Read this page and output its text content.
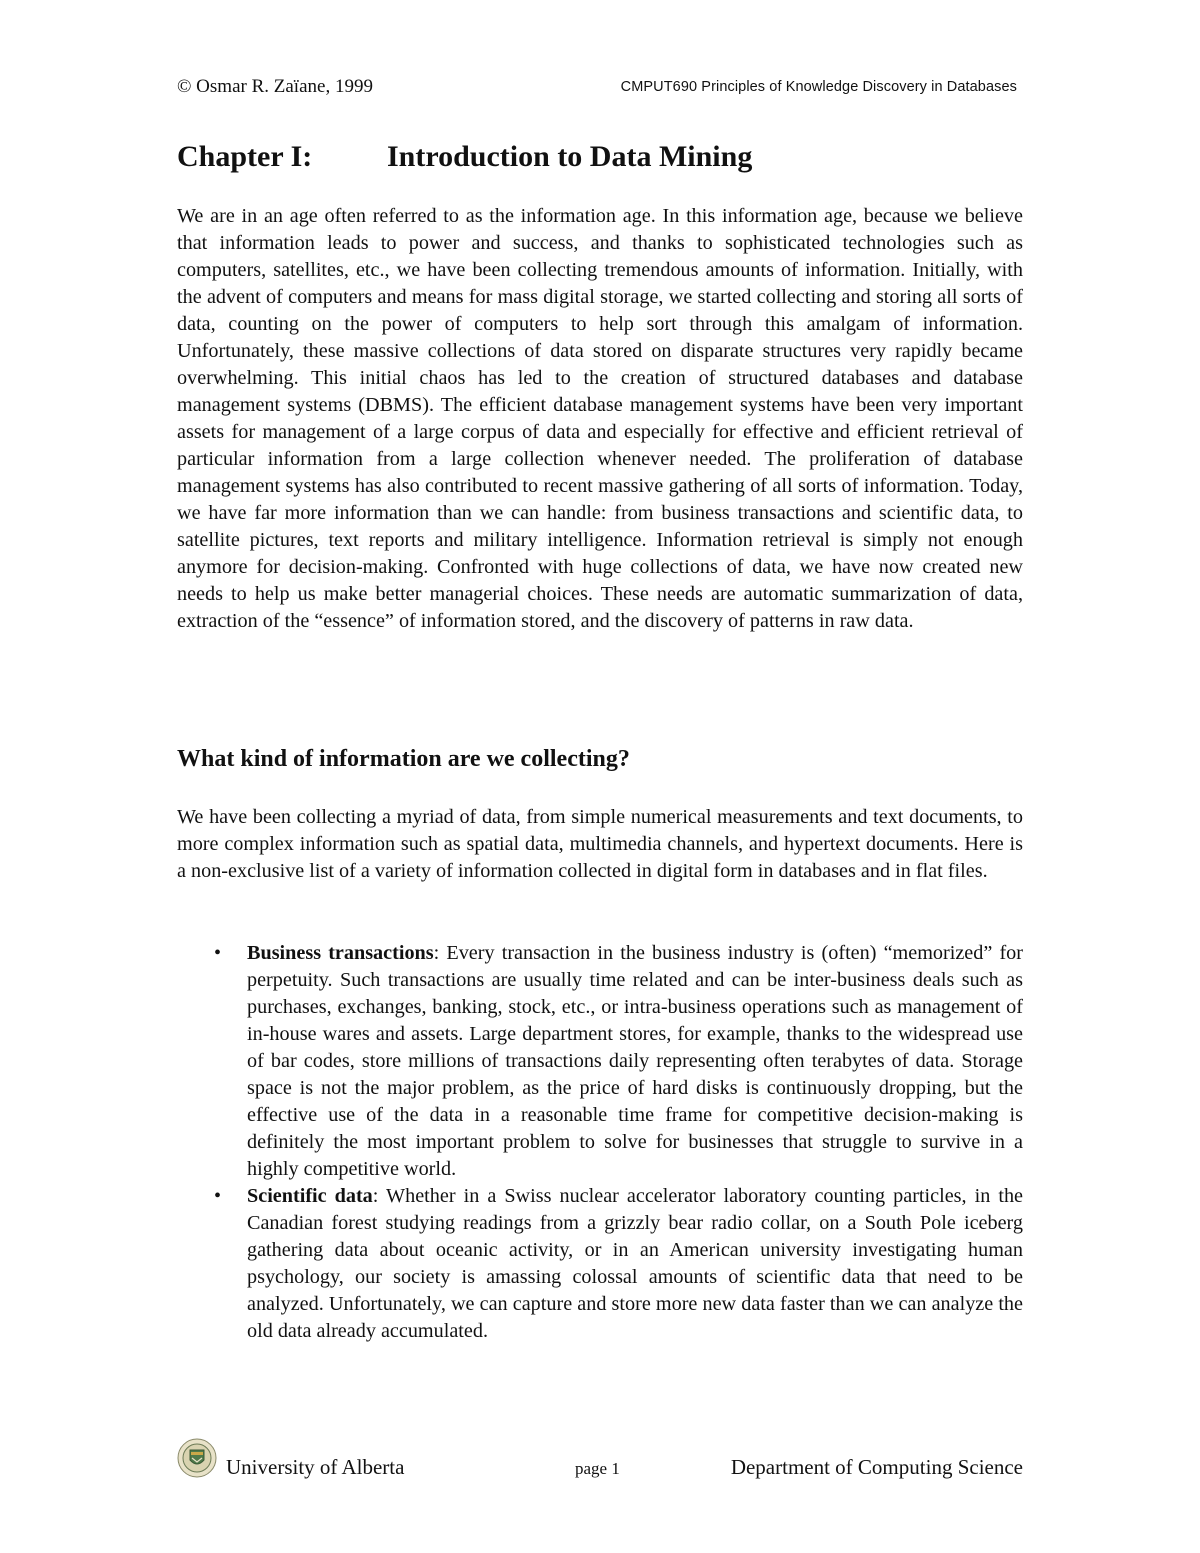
© Osmar R. Zaïane, 1999	CMPUT690 Principles of Knowledge Discovery in Databases
Chapter I: Introduction to Data Mining

We are in an age often referred to as the information age. In this information age, because we believe that information leads to power and success, and thanks to sophisticated technologies such as computers, satellites, etc., we have been collecting tremendous amounts of information. Initially, with the advent of computers and means for mass digital storage, we started collecting and storing all sorts of data, counting on the power of computers to help sort through this amalgam of information. Unfortunately, these massive collections of data stored on disparate structures very rapidly became overwhelming. This initial chaos has led to the creation of structured databases and database management systems (DBMS). The efficient database management systems have been very important assets for management of a large corpus of data and especially for effective and efficient retrieval of particular information from a large collection whenever needed. The proliferation of database management systems has also contributed to recent massive gathering of all sorts of information. Today, we have far more information than we can handle: from business transactions and scientific data, to satellite pictures, text reports and military intelligence. Information retrieval is simply not enough anymore for decision-making. Confronted with huge collections of data, we have now created new needs to help us make better managerial choices. These needs are automatic summarization of data, extraction of the “essence” of information stored, and the discovery of patterns in raw data.

What kind of information are we collecting?

We have been collecting a myriad of data, from simple numerical measurements and text documents, to more complex information such as spatial data, multimedia channels, and hypertext documents. Here is a non-exclusive list of a variety of information collected in digital form in databases and in flat files.

• Business transactions: Every transaction in the business industry is (often) “memorized” for perpetuity. Such transactions are usually time related and can be inter-business deals such as purchases, exchanges, banking, stock, etc., or intra-business operations such as management of in-house wares and assets. Large department stores, for example, thanks to the widespread use of bar codes, store millions of transactions daily representing often terabytes of data. Storage space is not the major problem, as the price of hard disks is continuously dropping, but the effective use of the data in a reasonable time frame for competitive decision-making is definitely the most important problem to solve for businesses that struggle to survive in a highly competitive world.
• Scientific data: Whether in a Swiss nuclear accelerator laboratory counting particles, in the Canadian forest studying readings from a grizzly bear radio collar, on a South Pole iceberg gathering data about oceanic activity, or in an American university investigating human psychology, our society is amassing colossal amounts of scientific data that need to be analyzed. Unfortunately, we can capture and store more new data faster than we can analyze the old data already accumulated.
University of Alberta	page 1	Department of Computing Science
